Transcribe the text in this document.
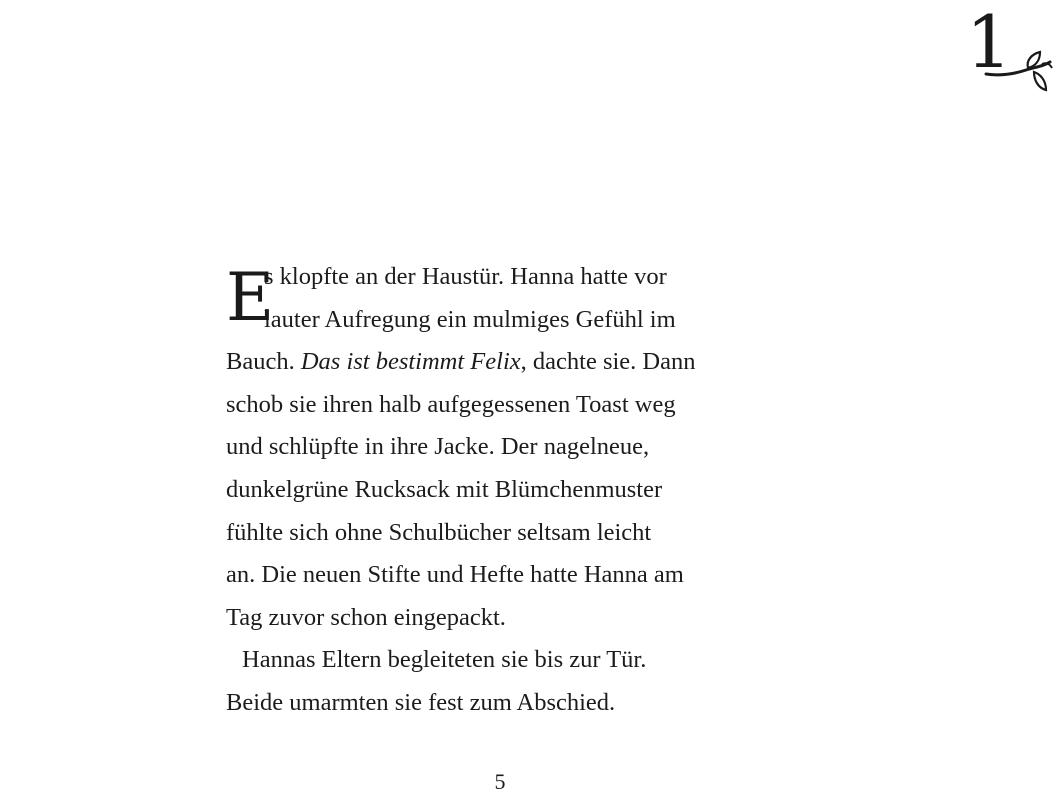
1

E
s klopfte an der Haustür. Hanna hatte vor
lauter Aufregung ein mulmiges Gefühl im
Bauch. Das ist bestimmt Felix, dachte sie. Dann
schob sie ihren halb aufgegessenen Toast weg
und schlüpfte in ihre Jacke. Der nagelneue,
dunkelgrüne Rucksack mit Blümchenmuster
fühlte sich ohne Schulbücher seltsam leicht
an. Die neuen Stifte und Hefte hatte Hanna am
Tag zuvor schon eingepackt.

Hannas Eltern begleiteten sie bis zur Tür.
Beide umarmten sie fest zum Abschied.

5
